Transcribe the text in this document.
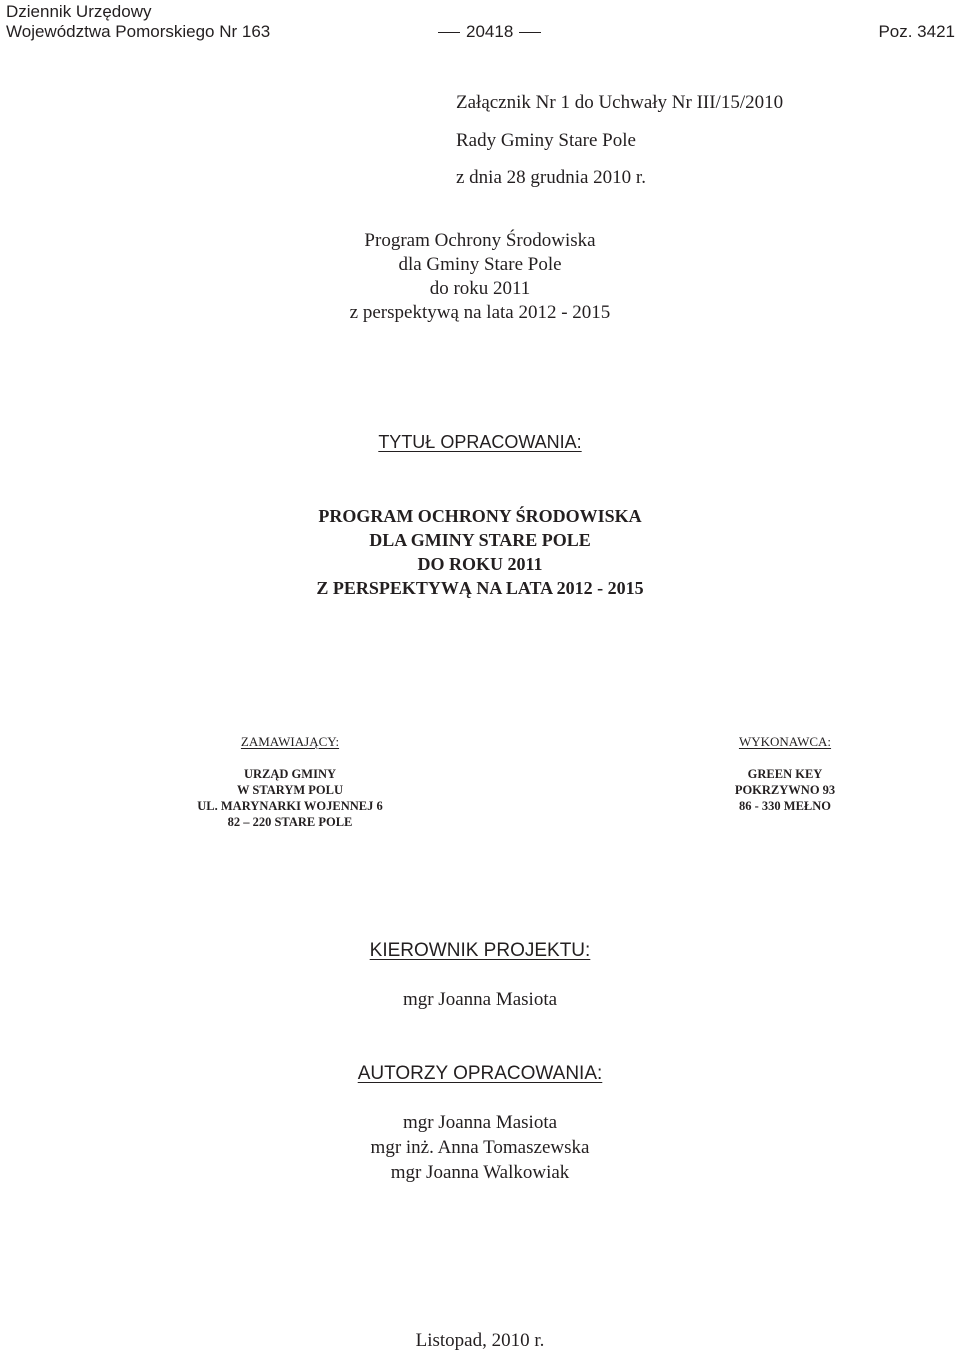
Dziennik Urzędowy
Województwa Pomorskiego Nr 163	20418	Poz. 3421
Załącznik Nr 1 do Uchwały Nr III/15/2010
Rady Gminy Stare Pole
z dnia 28 grudnia 2010 r.
Program Ochrony Środowiska
dla Gminy Stare Pole
do roku 2011
z perspektywą na lata 2012 - 2015
TYTUŁ OPRACOWANIA:
PROGRAM OCHRONY ŚRODOWISKA
DLA GMINY STARE POLE
DO ROKU 2011
Z PERSPEKTYWĄ NA LATA 2012 - 2015
ZAMAWIAJĄCY:
URZĄD GMINY
W STARYM POLU
UL. MARYNARKI WOJENNEJ 6
82 – 220 STARE POLE
WYKONAWCA:
GREEN KEY
POKRZYWNO 93
86 - 330 MEŁNO
KIEROWNIK PROJEKTU:
mgr Joanna Masiota
AUTORZY OPRACOWANIA:
mgr Joanna Masiota
mgr inż. Anna Tomaszewska
mgr Joanna Walkowiak
Listopad, 2010 r.
